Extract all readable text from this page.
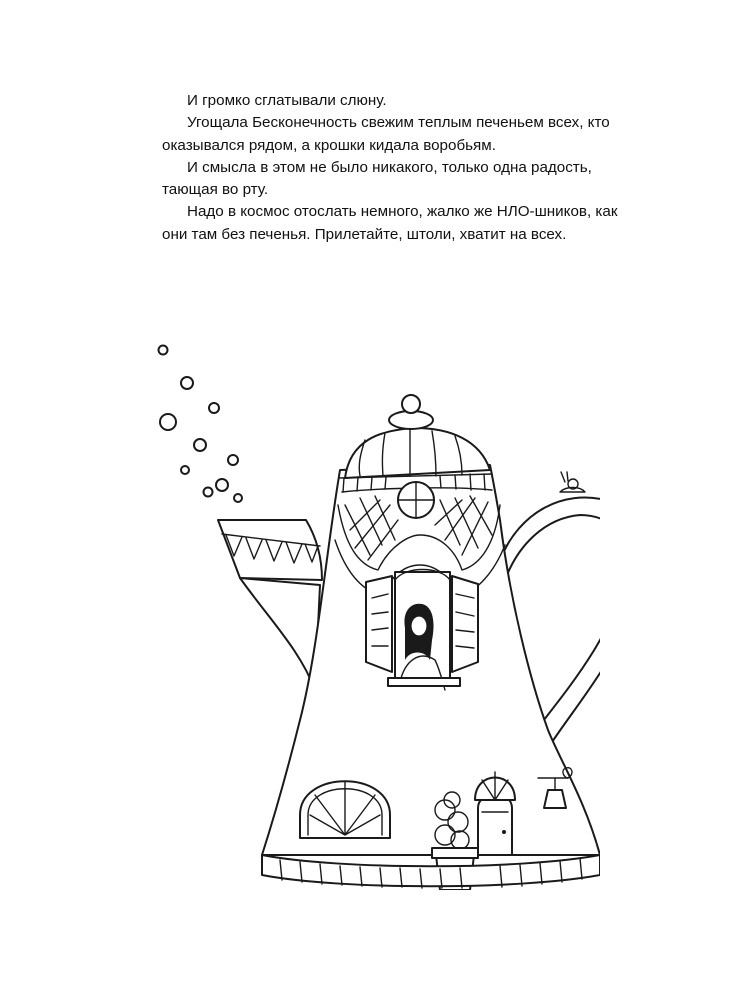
И громко сглатывали слюну.

Угощала Бесконечность свежим теплым печеньем всех, кто оказывался рядом, а крошки кидала воробьям.

И смысла в этом не было никакого, только одна радость, тающая во рту.

Надо в космос отослать немного, жалко же НЛО-шников, как они там без печенья. Прилетайте, штоли, хватит на всех.
